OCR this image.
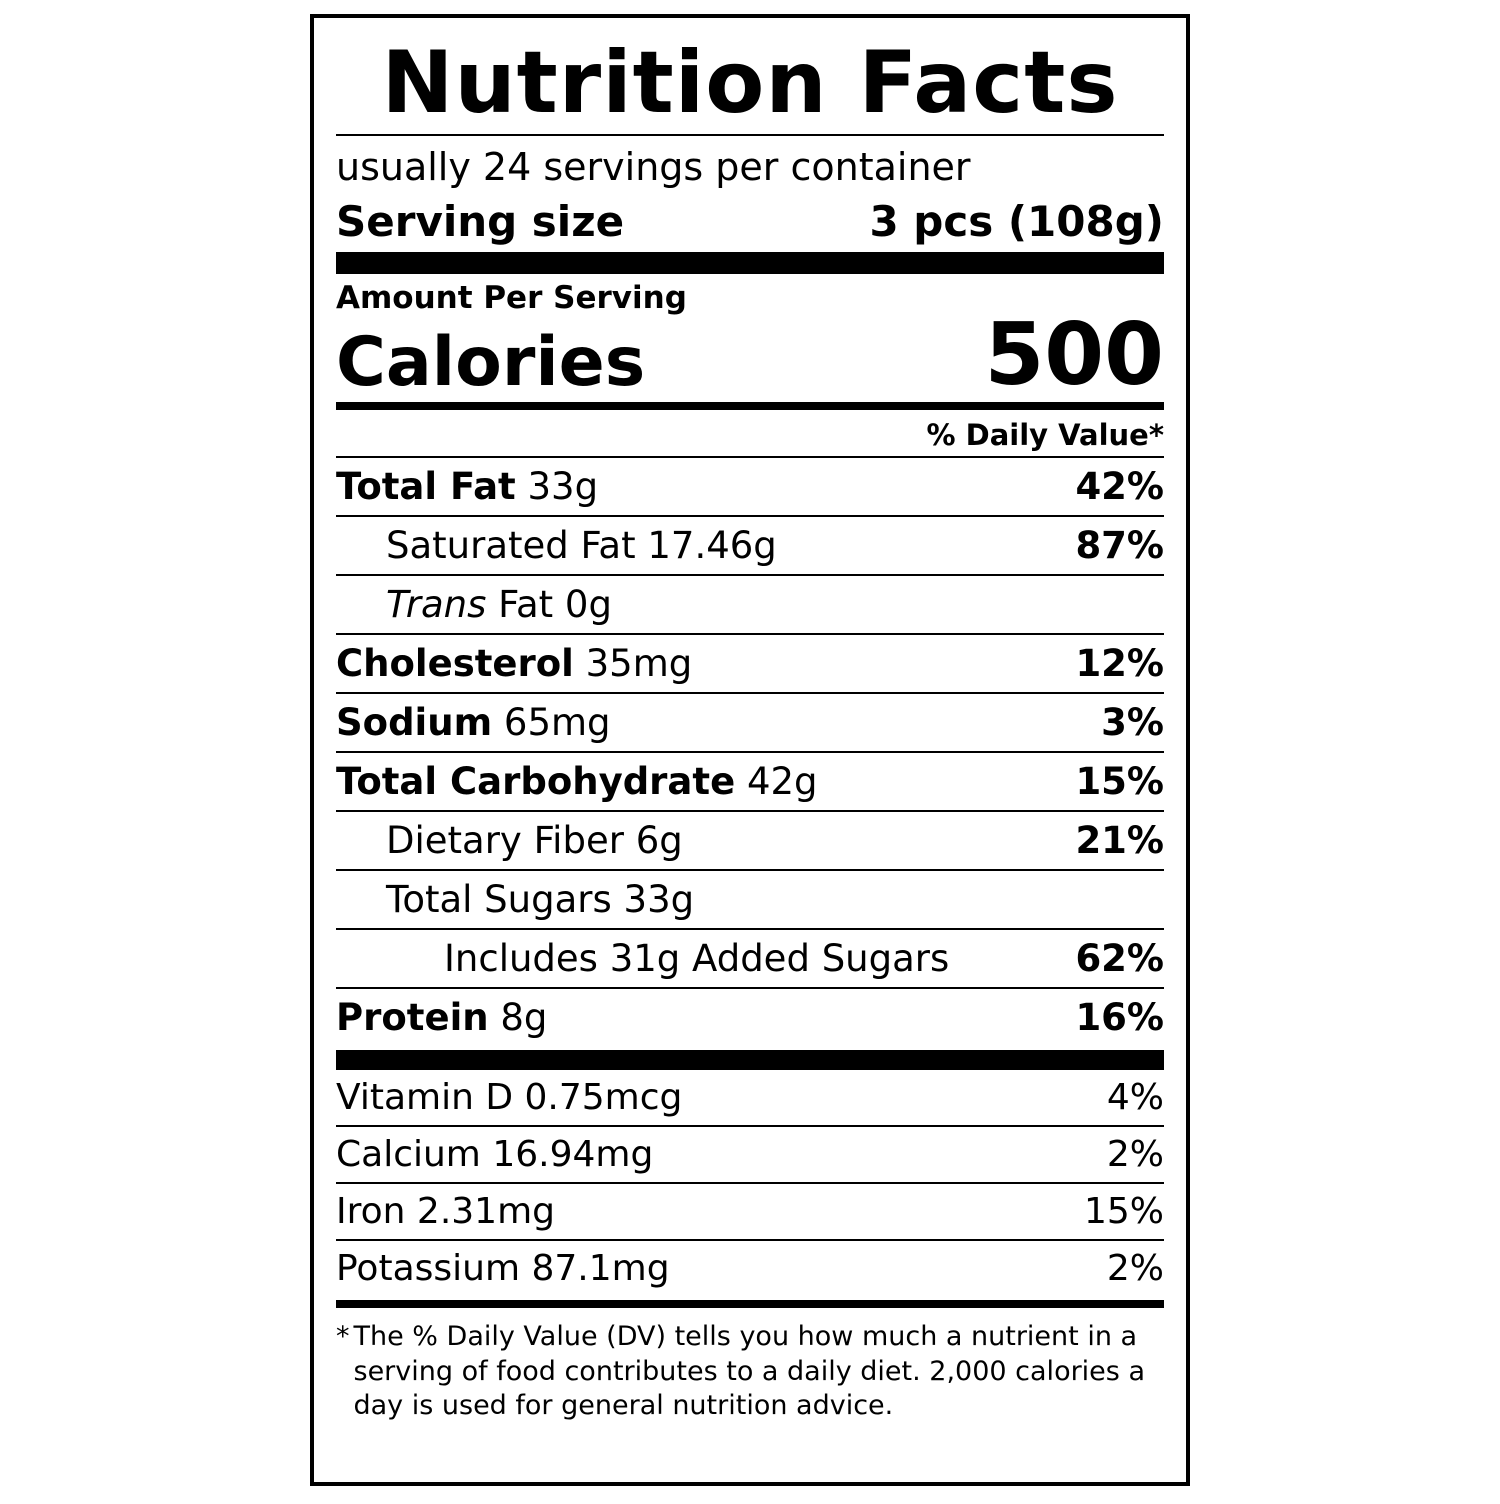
Nutrition Facts
usually 24 servings per container
Serving size	3 pcs (108g)
Amount Per Serving
Calories	500
% Daily Value*
Total Fat 33g	42%
Saturated Fat 17.46g	87%
Trans Fat 0g
Cholesterol 35mg	12%
Sodium 65mg	3%
Total Carbohydrate 42g	15%
Dietary Fiber 6g	21%
Total Sugars 33g
Includes 31g Added Sugars	62%
Protein 8g	16%
Vitamin D 0.75mcg	4%
Calcium 16.94mg	2%
Iron 2.31mg	15%
Potassium 87.1mg	2%
* The % Daily Value (DV) tells you how much a nutrient in a serving of food contributes to a daily diet. 2,000 calories a day is used for general nutrition advice.
